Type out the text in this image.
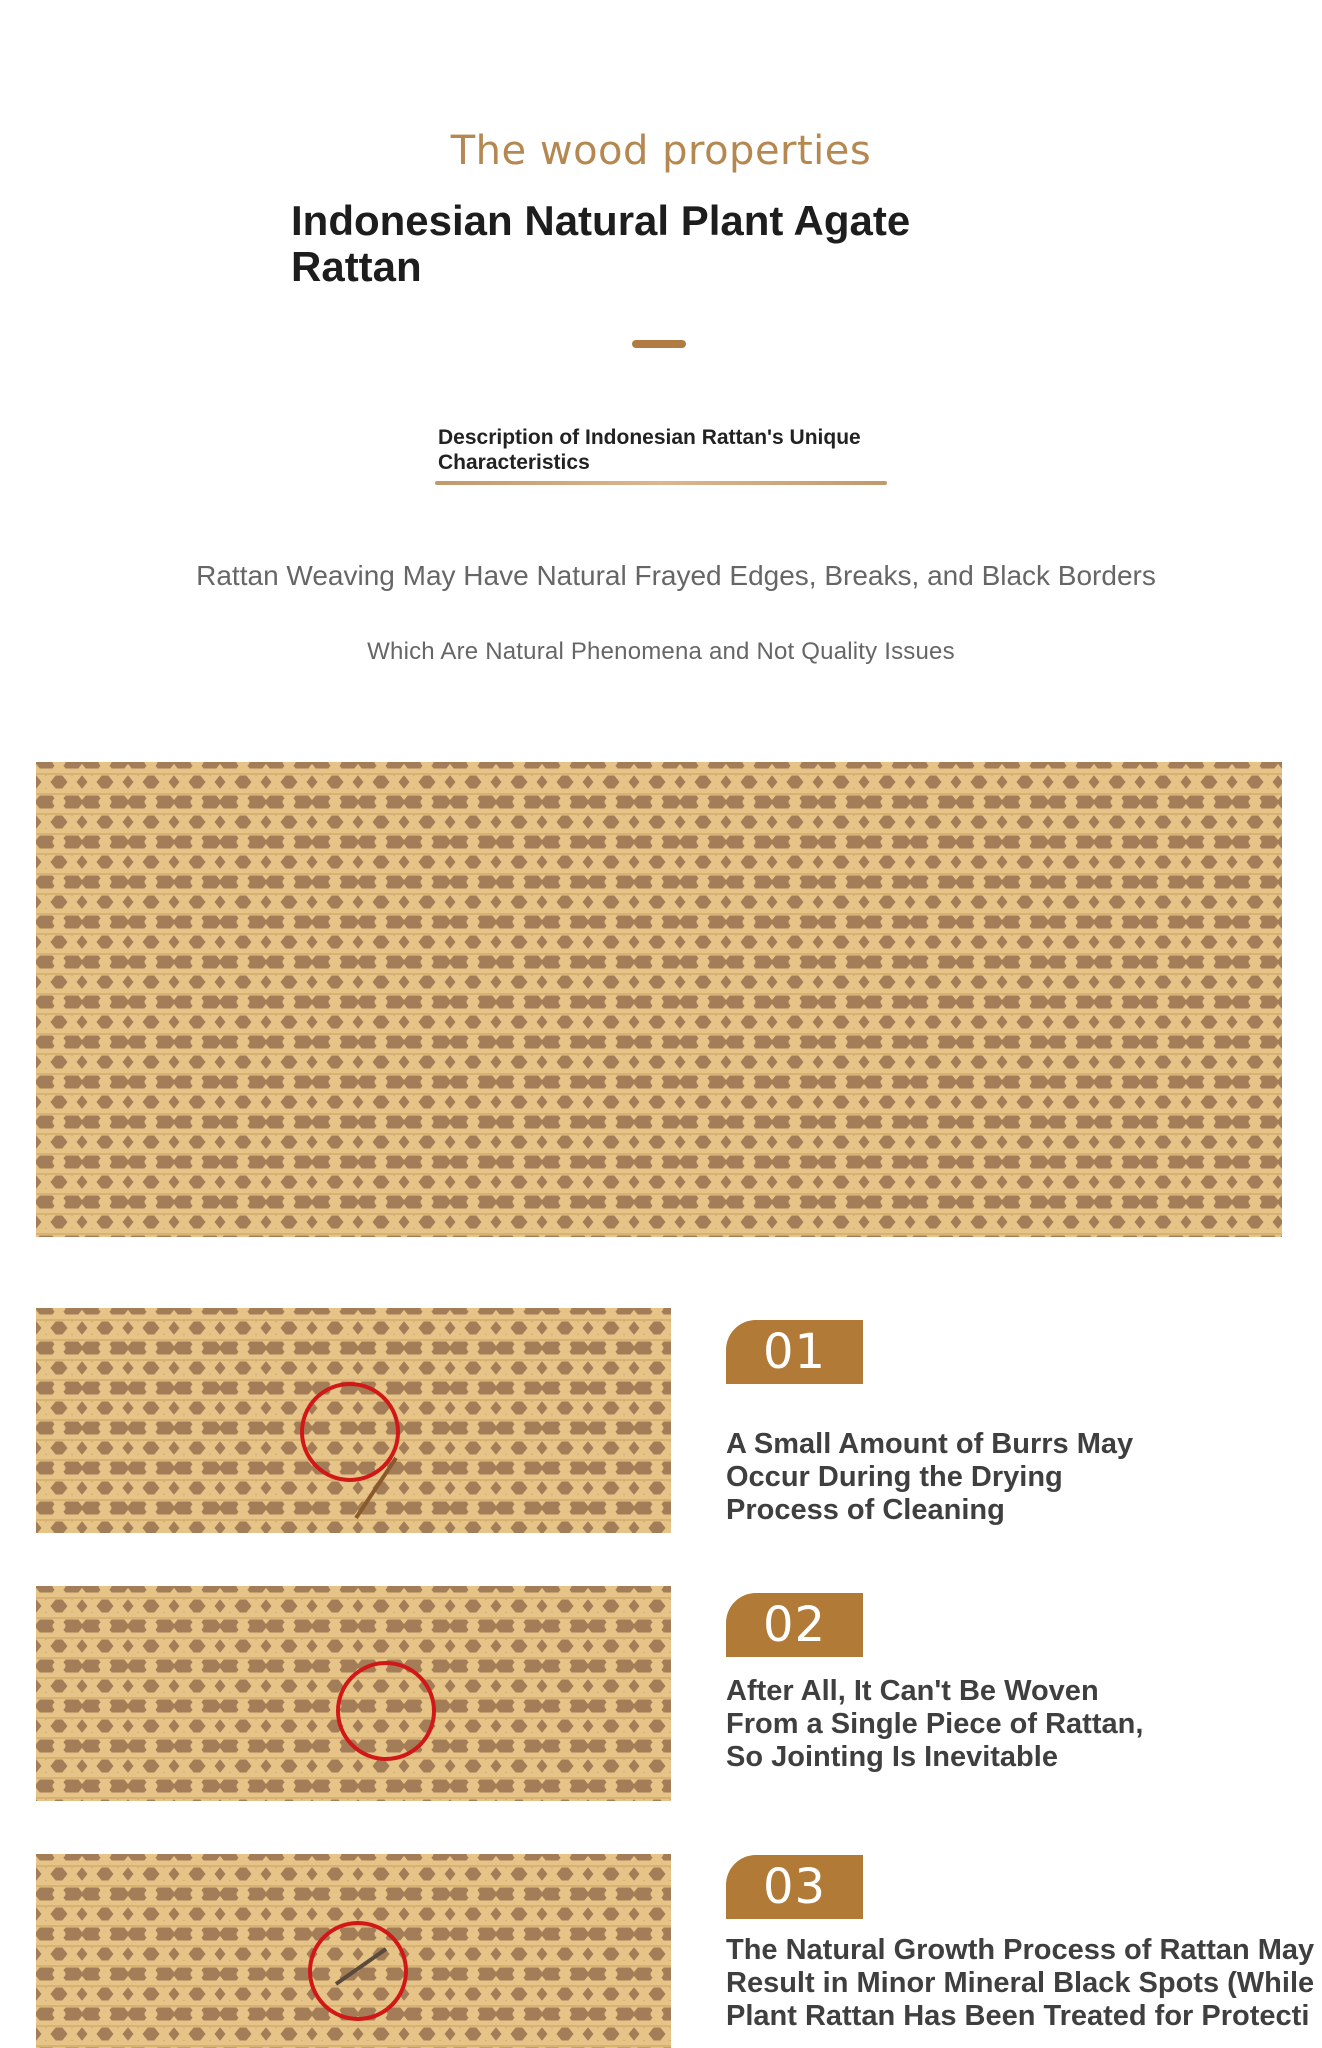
The wood properties
Indonesian Natural Plant Agate Rattan
Description of Indonesian Rattan's Unique Characteristics
Rattan Weaving May Have Natural Frayed Edges, Breaks, and Black Borders
Which Are Natural Phenomena and Not Quality Issues
01
A Small Amount of Burrs May Occur During the Drying Process of Cleaning
02
After All, It Can't Be Woven From a Single Piece of Rattan, So Jointing Is Inevitable
03
The Natural Growth Process of Rattan May
Result in Minor Mineral Black Spots (While
Plant Rattan Has Been Treated for Protecti
